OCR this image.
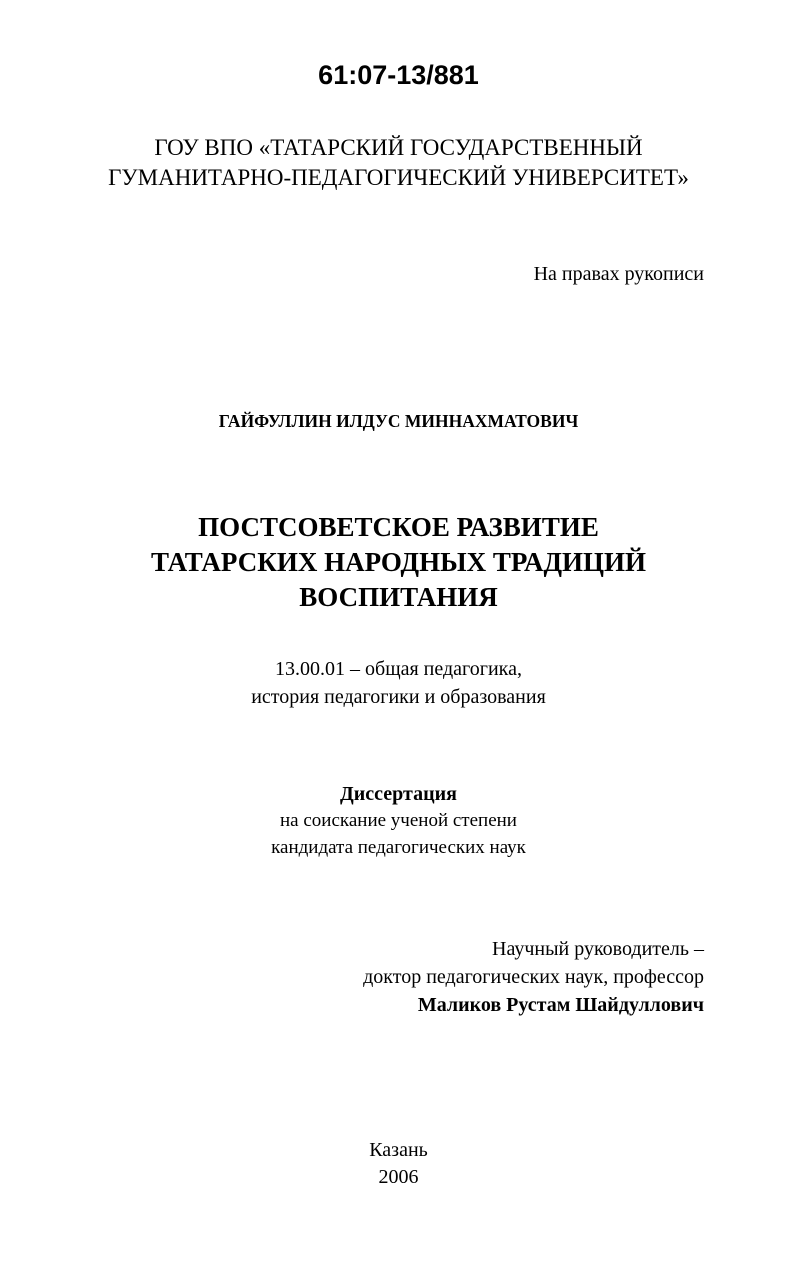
61:07-13/881
ГОУ ВПО «ТАТАРСКИЙ ГОСУДАРСТВЕННЫЙ
ГУМАНИТАРНО-ПЕДАГОГИЧЕСКИЙ УНИВЕРСИТЕТ»
На правах рукописи
ГАЙФУЛЛИН ИЛДУС МИННАХМАТОВИЧ
ПОСТСОВЕТСКОЕ РАЗВИТИЕ
ТАТАРСКИХ НАРОДНЫХ ТРАДИЦИЙ
ВОСПИТАНИЯ
13.00.01 – общая педагогика,
история педагогики и образования
Диссертация
на соискание ученой степени
кандидата педагогических наук
Научный руководитель –
доктор педагогических наук, профессор
Маликов Рустам Шайдуллович
Казань
2006
